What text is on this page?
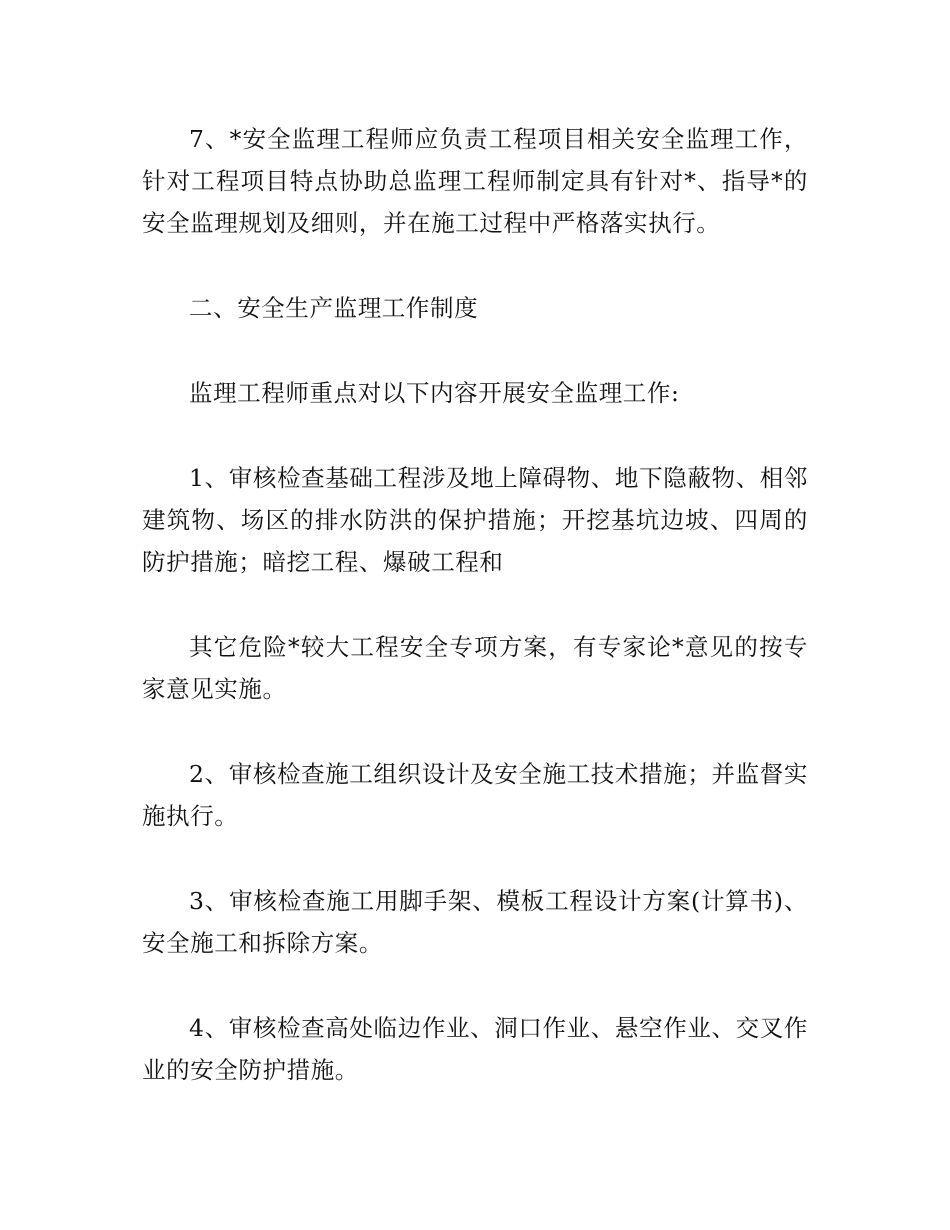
7、*安全监理工程师应负责工程项目相关安全监理工作，针对工程项目特点协助总监理工程师制定具有针对*、指导*的安全监理规划及细则，并在施工过程中严格落实执行。

二、安全生产监理工作制度

监理工程师重点对以下内容开展安全监理工作:

1、审核检查基础工程涉及地上障碍物、地下隐蔽物、相邻建筑物、场区的排水防洪的保护措施；开挖基坑边坡、四周的防护措施；暗挖工程、爆破工程和

其它危险*较大工程安全专项方案，有专家论*意见的按专家意见实施。

2、审核检查施工组织设计及安全施工技术措施；并监督实施执行。

3、审核检查施工用脚手架、模板工程设计方案(计算书)、安全施工和拆除方案。

4、审核检查高处临边作业、洞口作业、悬空作业、交叉作业的安全防护措施。
